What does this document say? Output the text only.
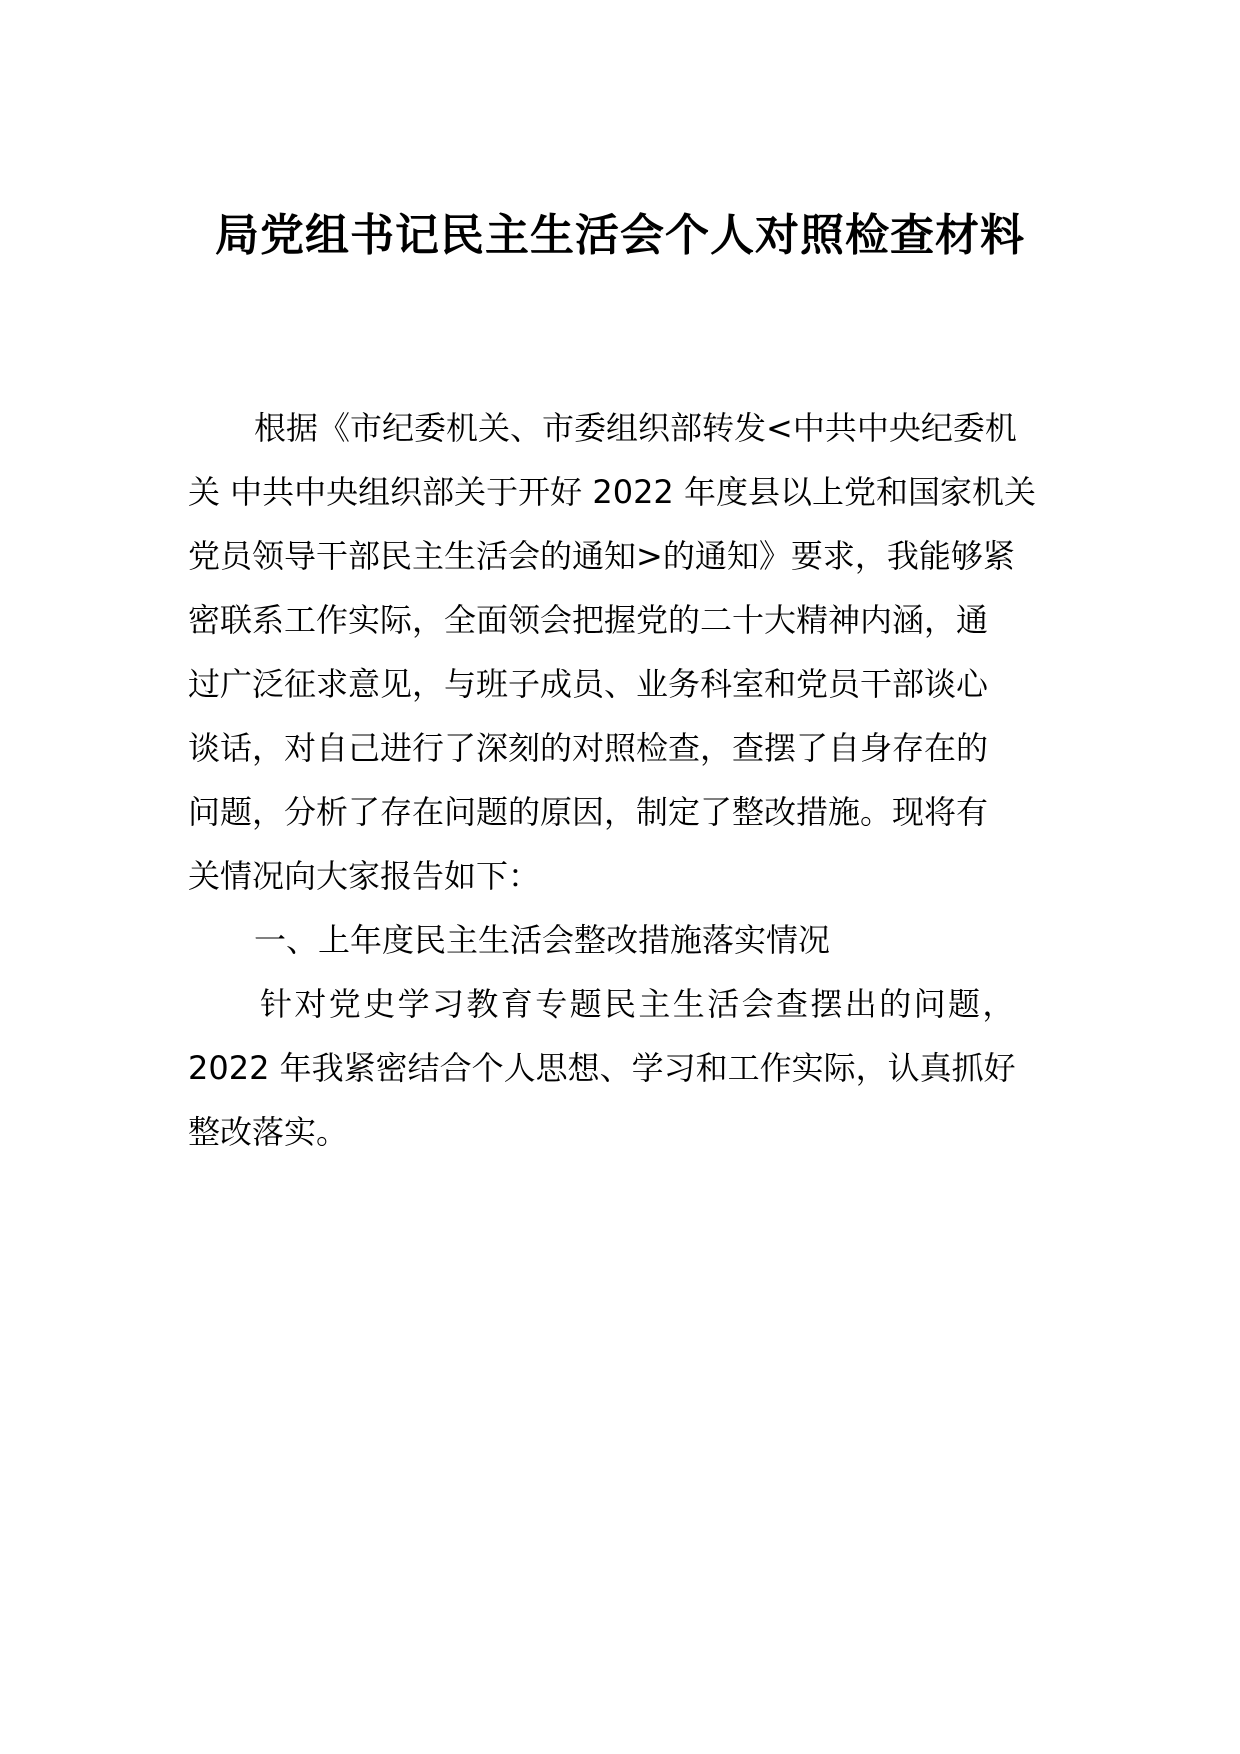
局党组书记民主生活会个人对照检查材料
根据《市纪委机关、市委组织部转发<中共中央纪委机
关 中共中央组织部关于开好 2022 年度县以上党和国家机关
党员领导干部民主生活会的通知>的通知》要求，我能够紧
密联系工作实际，全面领会把握党的二十大精神内涵，通
过广泛征求意见，与班子成员、业务科室和党员干部谈心
谈话，对自己进行了深刻的对照检查，查摆了自身存在的
问题，分析了存在问题的原因，制定了整改措施。现将有
关情况向大家报告如下：
一、上年度民主生活会整改措施落实情况
针对党史学习教育专题民主生活会查摆出的问题，
2022 年我紧密结合个人思想、学习和工作实际，认真抓好
整改落实。
